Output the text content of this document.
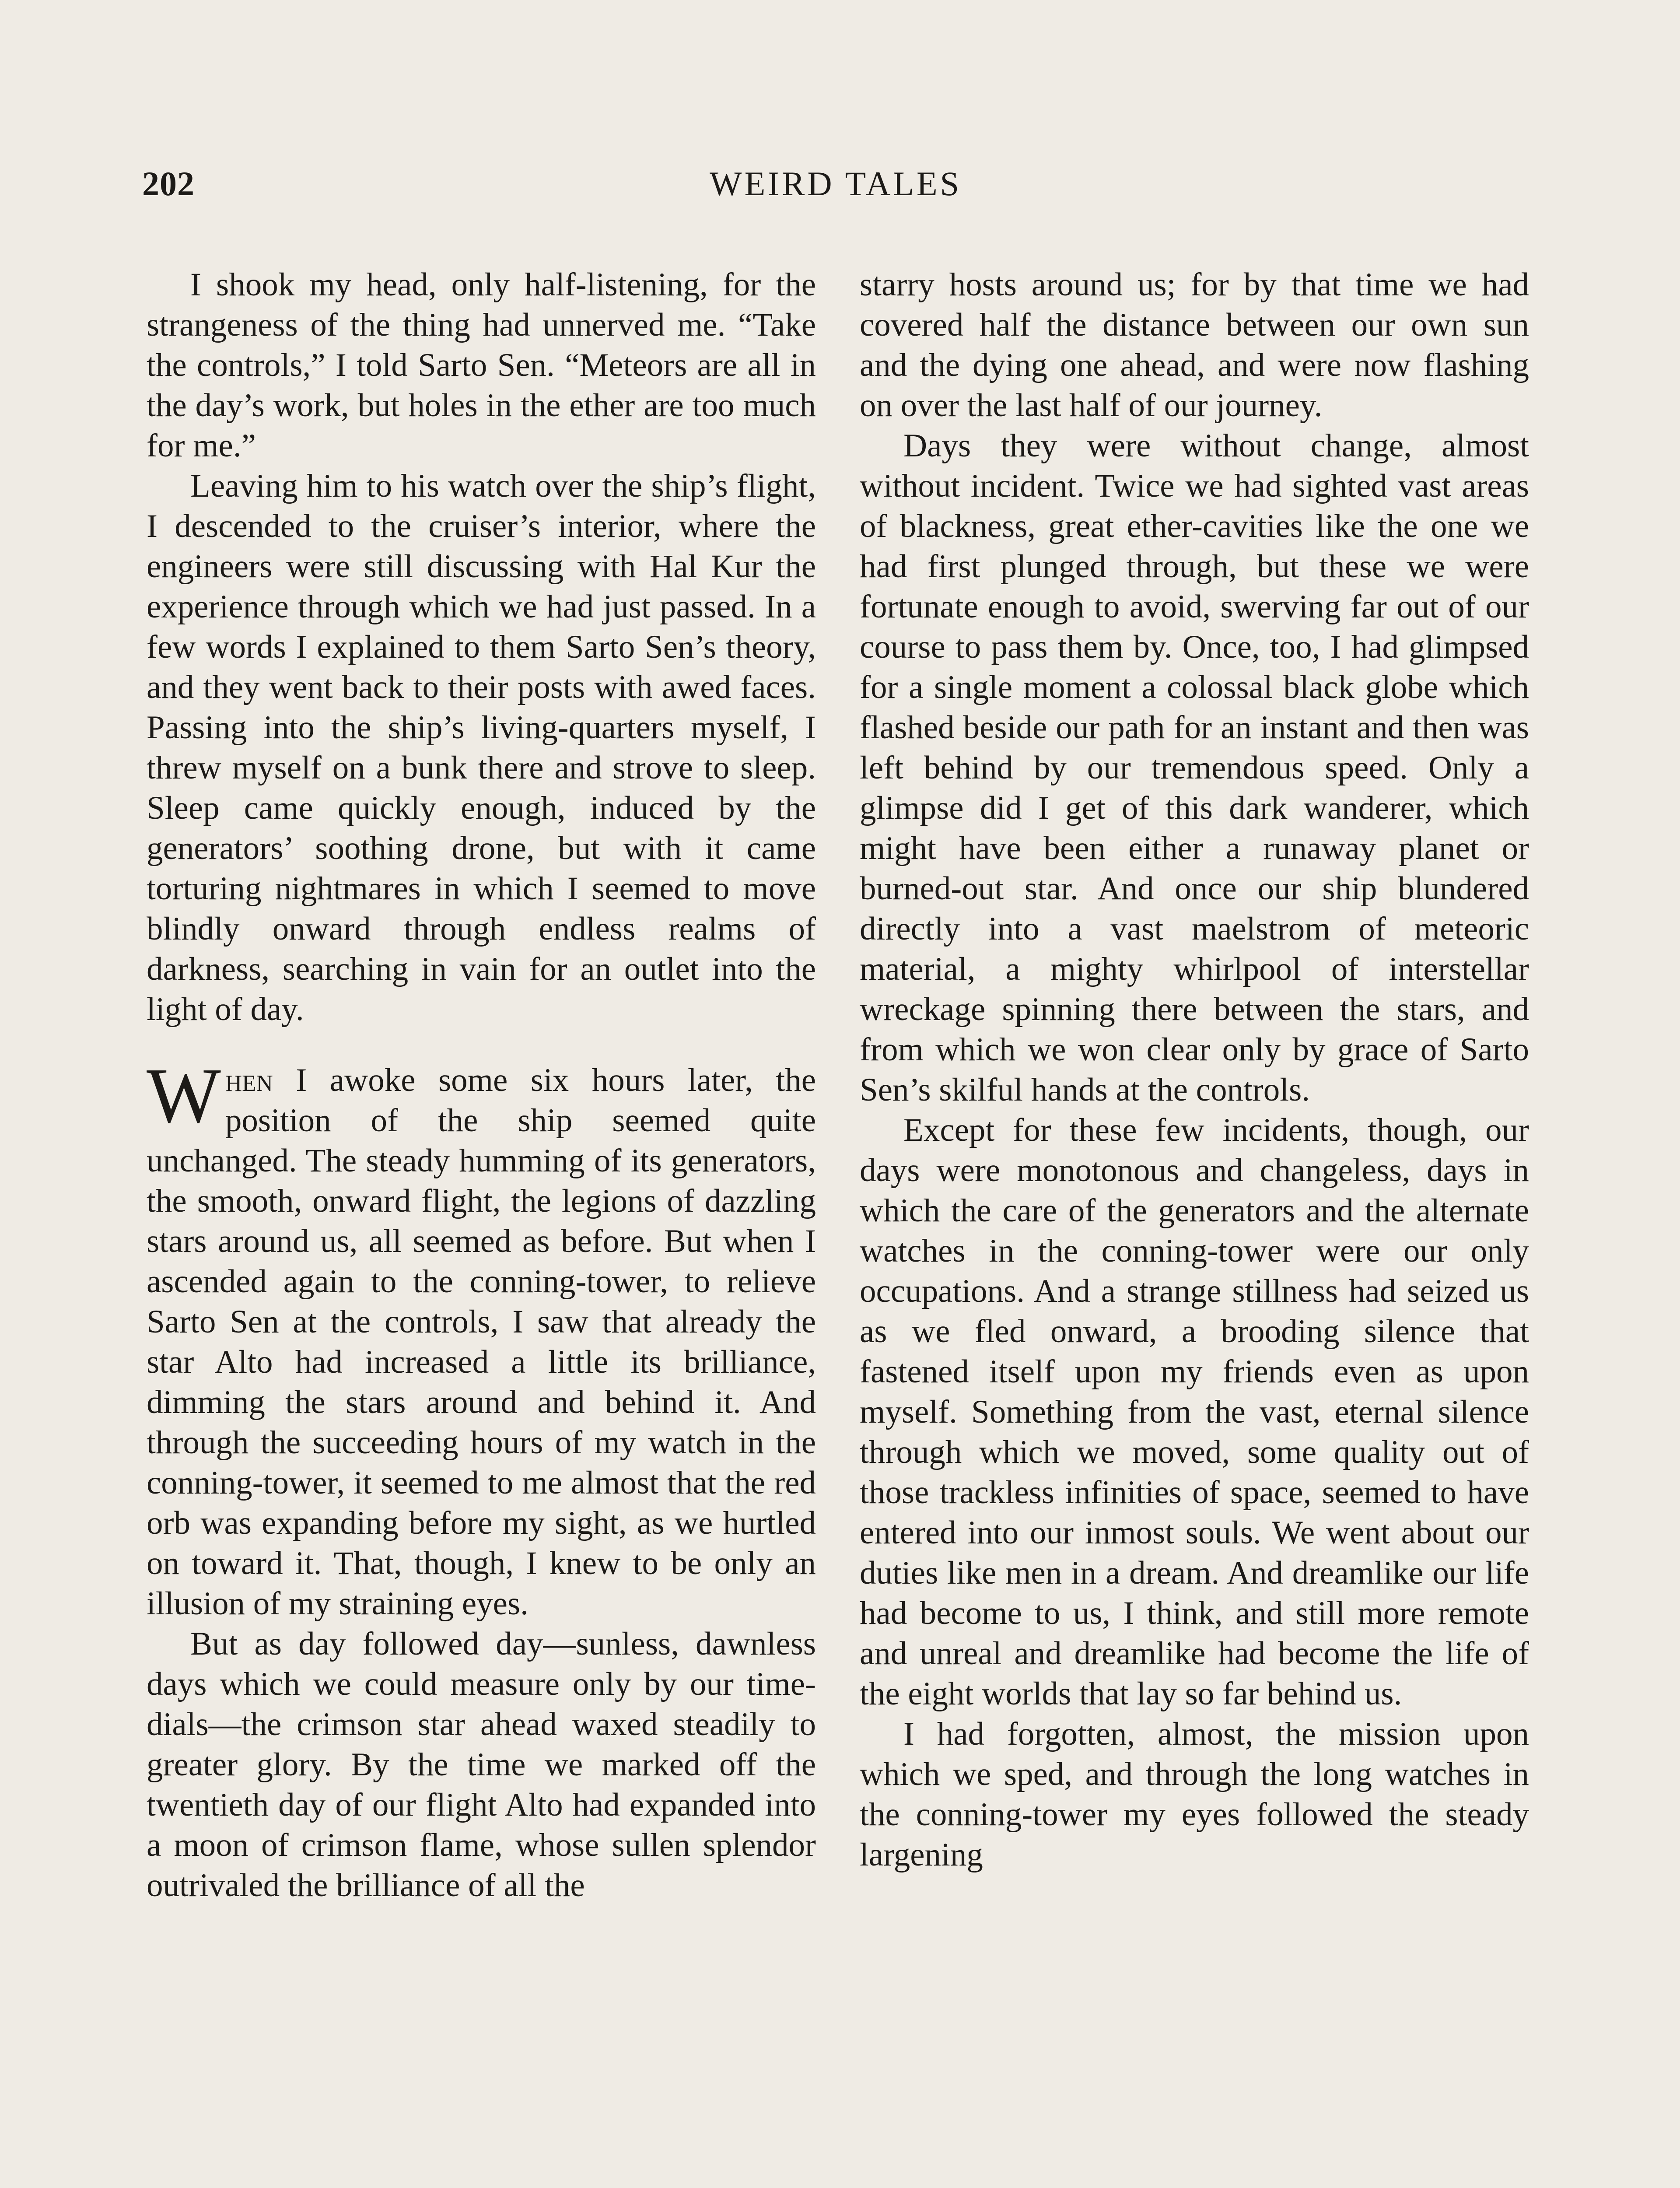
202	WEIRD TALES

I shook my head, only half-listening, for the strangeness of the thing had unnerved me. “Take the controls,” I told Sarto Sen. “Meteors are all in the day’s work, but holes in the ether are too much for me.”

Leaving him to his watch over the ship’s flight, I descended to the cruiser’s interior, where the engineers were still discussing with Hal Kur the experience through which we had just passed. In a few words I explained to them Sarto Sen’s theory, and they went back to their posts with awed faces. Passing into the ship’s living-quarters myself, I threw myself on a bunk there and strove to sleep. Sleep came quickly enough, induced by the generators’ soothing drone, but with it came torturing nightmares in which I seemed to move blindly onward through endless realms of darkness, searching in vain for an outlet into the light of day.

When I awoke some six hours later, the position of the ship seemed quite unchanged. The steady humming of its generators, the smooth, onward flight, the legions of dazzling stars around us, all seemed as before. But when I ascended again to the conning-tower, to relieve Sarto Sen at the controls, I saw that already the star Alto had increased a little its brilliance, dimming the stars around and behind it. And through the succeeding hours of my watch in the conning-tower, it seemed to me almost that the red orb was expanding before my sight, as we hurtled on toward it. That, though, I knew to be only an illusion of my straining eyes.

But as day followed day—sunless, dawnless days which we could measure only by our time-dials—the crimson star ahead waxed steadily to greater glory. By the time we marked off the twentieth day of our flight Alto had expanded into a moon of crimson flame, whose sullen splendor outrivaled the brilliance of all the

starry hosts around us; for by that time we had covered half the distance between our own sun and the dying one ahead, and were now flashing on over the last half of our journey.

Days they were without change, almost without incident. Twice we had sighted vast areas of blackness, great ether-cavities like the one we had first plunged through, but these we were fortunate enough to avoid, swerving far out of our course to pass them by. Once, too, I had glimpsed for a single moment a colossal black globe which flashed beside our path for an instant and then was left behind by our tremendous speed. Only a glimpse did I get of this dark wanderer, which might have been either a runaway planet or burned-out star. And once our ship blundered directly into a vast maelstrom of meteoric material, a mighty whirlpool of interstellar wreckage spinning there between the stars, and from which we won clear only by grace of Sarto Sen’s skilful hands at the controls.

Except for these few incidents, though, our days were monotonous and changeless, days in which the care of the generators and the alternate watches in the conning-tower were our only occupations. And a strange stillness had seized us as we fled onward, a brooding silence that fastened itself upon my friends even as upon myself. Something from the vast, eternal silence through which we moved, some quality out of those trackless infinities of space, seemed to have entered into our inmost souls. We went about our duties like men in a dream. And dreamlike our life had become to us, I think, and still more remote and unreal and dreamlike had become the life of the eight worlds that lay so far behind us.

I had forgotten, almost, the mission upon which we sped, and through the long watches in the conning-tower my eyes followed the steady largening
